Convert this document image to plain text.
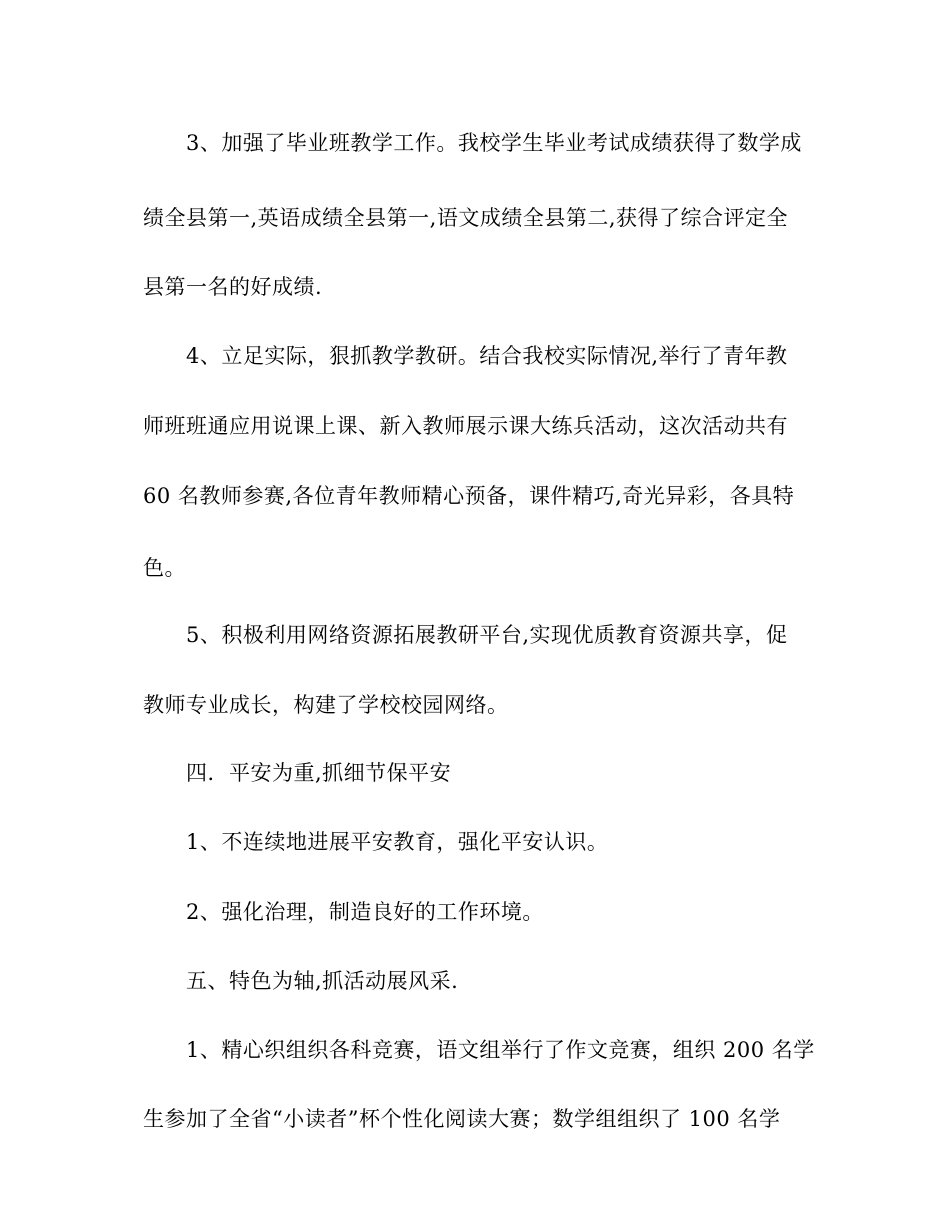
3、加强了毕业班教学工作。我校学生毕业考试成绩获得了数学成
绩全县第一,英语成绩全县第一,语文成绩全县第二,获得了综合评定全
县第一名的好成绩.
4、立足实际，狠抓教学教研。结合我校实际情况,举行了青年教
师班班通应用说课上课、新入教师展示课大练兵活动，这次活动共有
60 名教师参赛,各位青年教师精心预备，课件精巧,奇光异彩，各具特
色。
5、积极利用网络资源拓展教研平台,实现优质教育资源共享，促
教师专业成长，构建了学校校园网络。
四．平安为重,抓细节保平安
1、不连续地进展平安教育，强化平安认识。
2、强化治理，制造良好的工作环境。
五、特色为轴,抓活动展风采.
1、精心织组织各科竞赛，语文组举行了作文竞赛，组织 200 名学
生参加了全省“小读者”杯个性化阅读大赛；数学组组织了 100 名学
